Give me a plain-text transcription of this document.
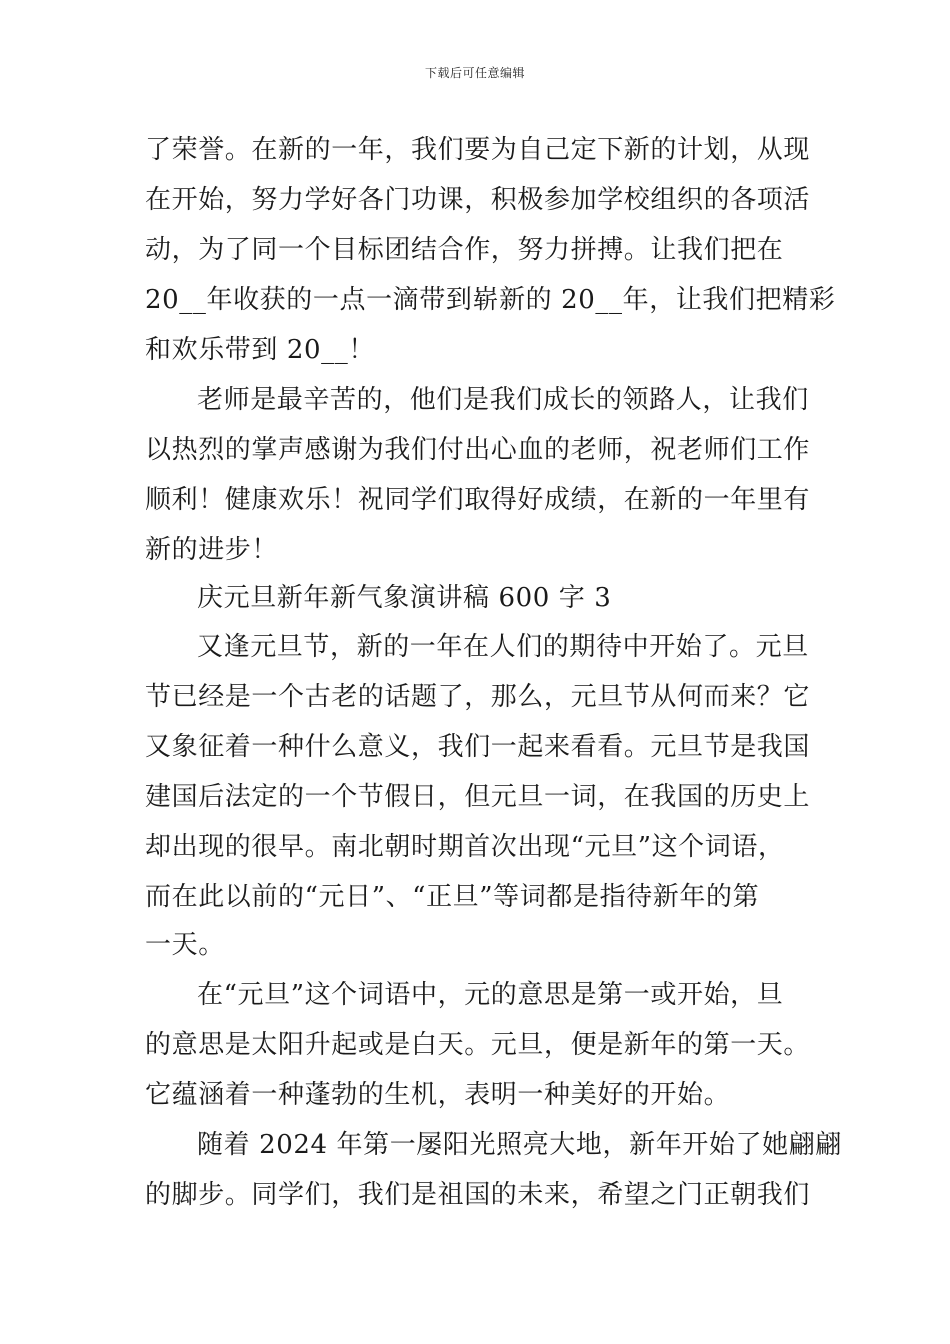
下载后可任意编辑
了荣誉。在新的一年，我们要为自己定下新的计划，从现
在开始，努力学好各门功课，积极参加学校组织的各项活
动，为了同一个目标团结合作，努力拼搏。让我们把在
20__年收获的一点一滴带到崭新的 20__年，让我们把精彩
和欢乐带到 20__！
老师是最辛苦的，他们是我们成长的领路人，让我们
以热烈的掌声感谢为我们付出心血的老师，祝老师们工作
顺利！健康欢乐！祝同学们取得好成绩，在新的一年里有
新的进步！
庆元旦新年新气象演讲稿 600 字 3
又逢元旦节，新的一年在人们的期待中开始了。元旦
节已经是一个古老的话题了，那么，元旦节从何而来？它
又象征着一种什么意义，我们一起来看看。元旦节是我国
建国后法定的一个节假日，但元旦一词，在我国的历史上
却出现的很早。南北朝时期首次出现“元旦”这个词语，
而在此以前的“元日”、“正旦”等词都是指待新年的第
一天。
在“元旦”这个词语中，元的意思是第一或开始，旦
的意思是太阳升起或是白天。元旦，便是新年的第一天。
它蕴涵着一种蓬勃的生机，表明一种美好的开始。
随着 2024 年第一屡阳光照亮大地，新年开始了她翩翩
的脚步。同学们，我们是祖国的未来，希望之门正朝我们
